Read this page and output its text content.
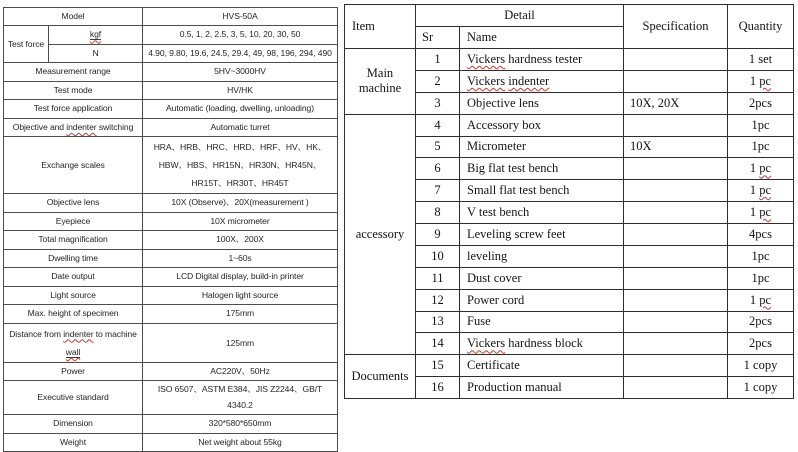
Model		HVS-50A
Test force	kgf	0.5, 1, 2, 2.5, 3, 5, 10, 20, 30, 50
	N	4.90, 9.80, 19.6, 24.5, 29.4, 49, 98, 196, 294, 490
Measurement range		5HV~3000HV
Test mode		HV/HK
Test force application		Automatic (loading, dwelling, unloading)
Objective and indenter switching		Automatic turret
Exchange scales		HRA、HRB、HRC、HRD、HRF、HV、HK、HBW、HBS、HR15N、HR30N、HR45N、HR15T、HR30T、HR45T
Objective lens		10X (Observe)、20X(measurement )
Eyepiece		10X micrometer
Total magnification		100X、200X
Dwelling time		1~60s
Date output		LCD Digital display, build-in printer
Light source		Halogen light source
Max. height of specimen		175mm
Distance from indenter to machine wall		125mm
Power		AC220V、50Hz
Executive standard		ISO 6507、ASTM E384、JIS Z2244、GB/T 4340.2
Dimension		320*580*650mm
Weight		Net weight about 55kg
Item	Detail		Specification	Quantity
	Sr	Name		
Main machine	1	Vickers hardness tester		1 set
	2	Vickers indenter		1 pc
	3	Objective lens	10X, 20X	2pcs
accessory	4	Accessory box		1pc
	5	Micrometer	10X	1pc
	6	Big flat test bench		1 pc
	7	Small flat test bench		1 pc
	8	V test bench		1 pc
	9	Leveling screw feet		4pcs
	10	leveling		1pc
	11	Dust cover		1pc
	12	Power cord		1 pc
	13	Fuse		2pcs
	14	Vickers hardness block		2pcs
Documents	15	Certificate		1 copy
	16	Production manual		1 copy
